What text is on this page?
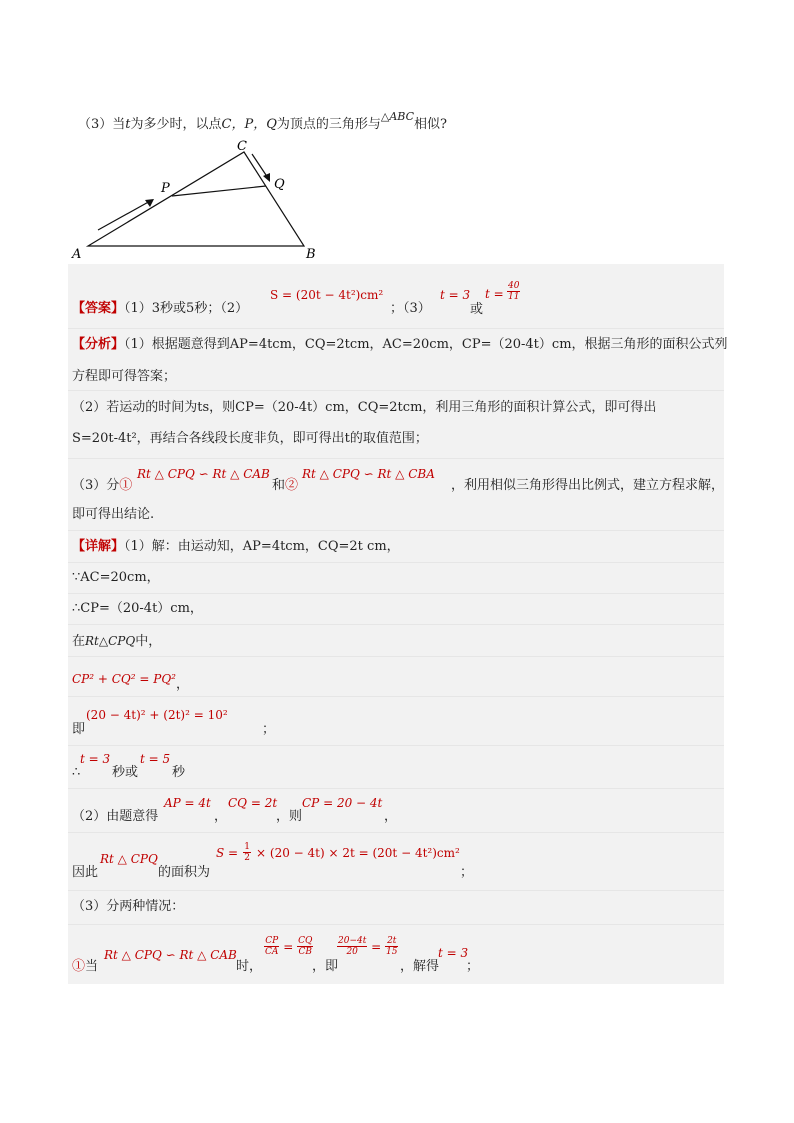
（3）当t为多少时，以点C，P，Q为顶点的三角形与$^{\triangle ABC}$相似?
A	B
C
P	Q
【答案】（1）3秒或5秒；（2）
S = (20t − 4t²)cm²
；（3）
t = 3
或
$t = \frac{40}{11}$
【分析】（1）根据题意得到AP=4tcm，CQ=2tcm，AC=20cm，CP=（20-4t）cm，根据三角形的面积公式列
方程即可得答案；
（2）若运动的时间为ts，则CP=（20-4t）cm，CQ=2tcm，利用三角形的面积计算公式，即可得出
S=20t-4t²，再结合各线段长度非负，即可得出t的取值范围；
（3）分①
Rt △ CPQ ∽ Rt △ CAB
和②
Rt △ CPQ ∽ Rt △ CBA
，利用相似三角形得出比例式，建立方程求解，
即可得出结论.
【详解】（1）解：由运动知，AP=4tcm，CQ=2t cm，
∵AC=20cm，
∴CP=（20-4t）cm，
在Rt△CPQ中，
CP² + CQ² = PQ² ，
即
(20 − 4t)² + (2t)² = 10²
；
∴
t = 3
秒或
t = 5
秒
（2）由题意得
AP = 4t
，
CQ = 2t
，则
CP = 20 − 4t
，
因此
Rt △ CPQ
的面积为
$S = \frac{1}{2} \times (20 - 4t) \times 2t = (20t - 4t^2)cm^2$
；
（3）分两种情况：
①当
Rt △ CPQ ∽ Rt △ CAB
时，
$\frac{CP}{CA} = \frac{CQ}{CB}$
，即
$\frac{20-4t}{20} = \frac{2t}{15}$
，解得
t = 3
；
